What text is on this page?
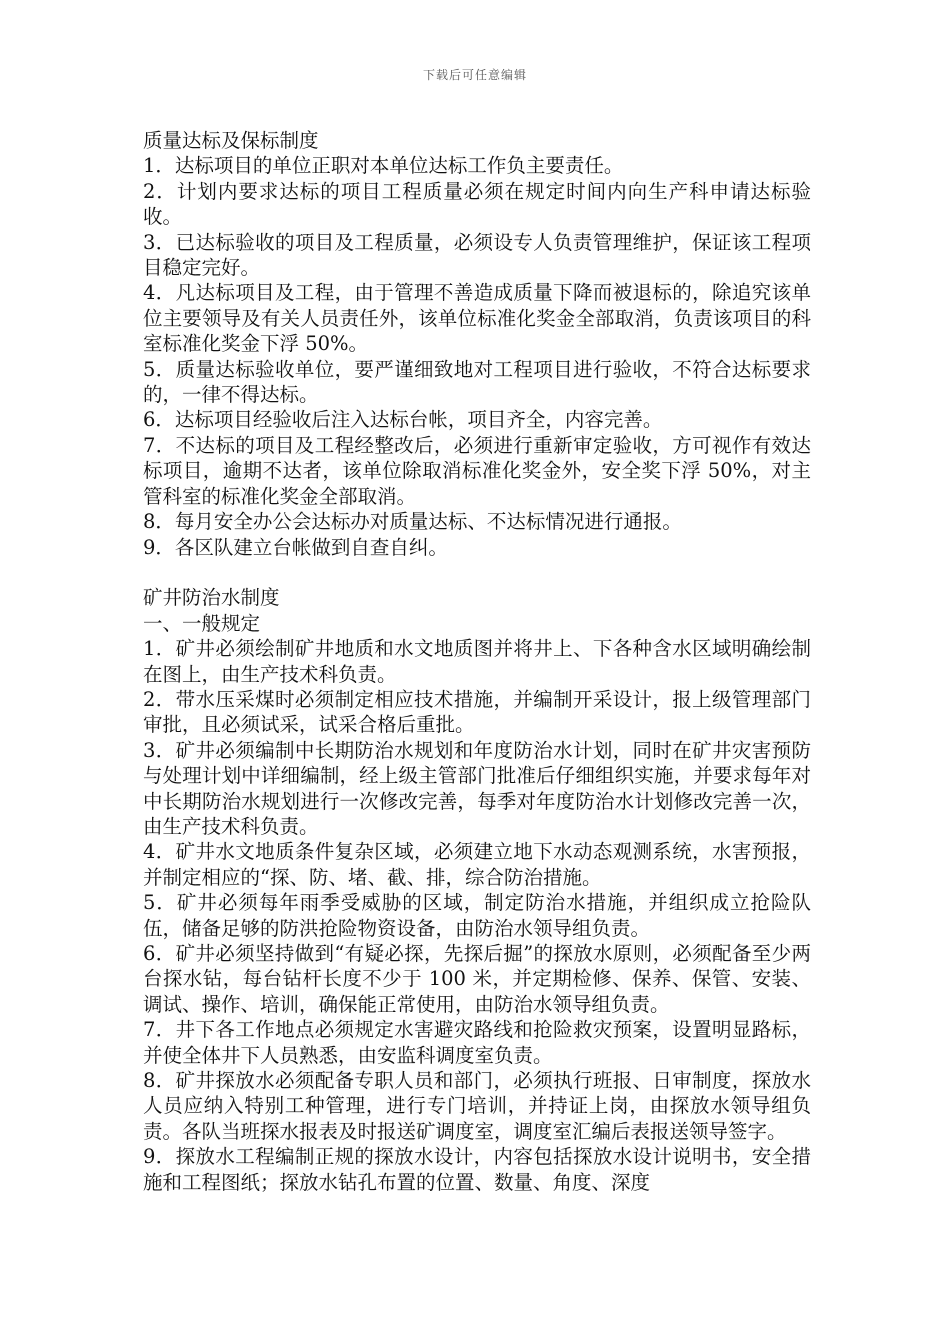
下载后可任意编辑

质量达标及保标制度

1．达标项目的单位正职对本单位达标工作负主要责任。

2．计划内要求达标的项目工程质量必须在规定时间内向生产科申请达标验收。

3．已达标验收的项目及工程质量，必须设专人负责管理维护，保证该工程项目稳定完好。

4．凡达标项目及工程，由于管理不善造成质量下降而被退标的，除追究该单位主要领导及有关人员责任外，该单位标准化奖金全部取消，负责该项目的科室标准化奖金下浮 50%。

5．质量达标验收单位，要严谨细致地对工程项目进行验收，不符合达标要求的，一律不得达标。

6．达标项目经验收后注入达标台帐，项目齐全，内容完善。

7．不达标的项目及工程经整改后，必须进行重新审定验收，方可视作有效达标项目，逾期不达者，该单位除取消标准化奖金外，安全奖下浮 50%，对主管科室的标准化奖金全部取消。

8．每月安全办公会达标办对质量达标、不达标情况进行通报。

9．各区队建立台帐做到自查自纠。

矿井防治水制度

一、一般规定

1．矿井必须绘制矿井地质和水文地质图并将井上、下各种含水区域明确绘制在图上，由生产技术科负责。

2．带水压采煤时必须制定相应技术措施，并编制开采设计，报上级管理部门审批，且必须试采，试采合格后重批。

3．矿井必须编制中长期防治水规划和年度防治水计划，同时在矿井灾害预防与处理计划中详细编制，经上级主管部门批准后仔细组织实施，并要求每年对中长期防治水规划进行一次修改完善，每季对年度防治水计划修改完善一次，由生产技术科负责。

4．矿井水文地质条件复杂区域，必须建立地下水动态观测系统，水害预报，并制定相应的“探、防、堵、截、排，综合防治措施。

5．矿井必须每年雨季受威胁的区域，制定防治水措施，并组织成立抢险队伍，储备足够的防洪抢险物资设备，由防治水领导组负责。

6．矿井必须坚持做到“有疑必探，先探后掘”的探放水原则，必须配备至少两台探水钻，每台钻杆长度不少于 100 米，并定期检修、保养、保管、安装、调试、操作、培训，确保能正常使用，由防治水领导组负责。

7．井下各工作地点必须规定水害避灾路线和抢险救灾预案，设置明显路标，并使全体井下人员熟悉，由安监科调度室负责。

8．矿井探放水必须配备专职人员和部门，必须执行班报、日审制度，探放水人员应纳入特别工种管理，进行专门培训，并持证上岗，由探放水领导组负责。各队当班探水报表及时报送矿调度室，调度室汇编后表报送领导签字。

9．探放水工程编制正规的探放水设计，内容包括探放水设计说明书，安全措施和工程图纸；探放水钻孔布置的位置、数量、角度、深度
